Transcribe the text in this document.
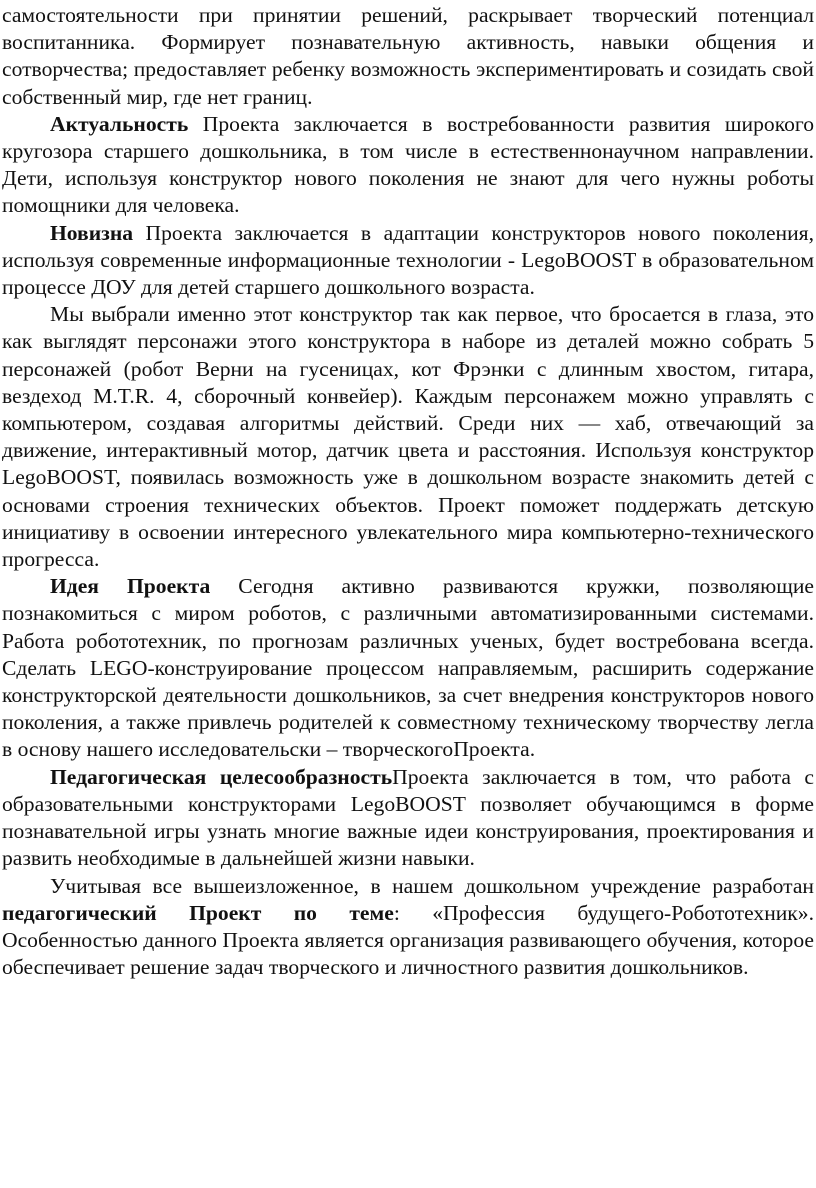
самостоятельности при принятии решений, раскрывает творческий потенциал воспитанника. Формирует познавательную активность, навыки общения и сотворчества; предоставляет ребенку возможность экспериментировать и созидать свой собственный мир, где нет границ.

Актуальность Проекта заключается в востребованности развития широкого кругозора старшего дошкольника, в том числе в естественнонаучном направлении. Дети, используя конструктор нового поколения не знают для чего нужны роботы помощники для человека.

Новизна Проекта заключается в адаптации конструкторов нового поколения, используя современные информационные технологии - LegoBOOST в образовательном процессе ДОУ для детей старшего дошкольного возраста.

Мы выбрали именно этот конструктор так как первое, что бросается в глаза, это как выглядят персонажи этого конструктора в наборе из деталей можно собрать 5 персонажей (робот Верни на гусеницах, кот Фрэнки с длинным хвостом, гитара, вездеход M.T.R. 4, сборочный конвейер). Каждым персонажем можно управлять с компьютером, создавая алгоритмы действий. Среди них — хаб, отвечающий за движение, интерактивный мотор, датчик цвета и расстояния. Используя конструктор LegoBOOST, появилась возможность уже в дошкольном возрасте знакомить детей с основами строения технических объектов. Проект поможет поддержать детскую инициативу в освоении интересного увлекательного мира компьютерно-технического прогресса.

Идея Проекта Сегодня активно развиваются кружки, позволяющие познакомиться с миром роботов, с различными автоматизированными системами. Работа робототехник, по прогнозам различных ученых, будет востребована всегда. Сделать LEGO-конструирование процессом направляемым, расширить содержание конструкторской деятельности дошкольников, за счет внедрения конструкторов нового поколения, а также привлечь родителей к совместному техническому творчеству легла в основу нашего исследовательски – творческогоПроекта.

Педагогическая целесообразностьПроекта заключается в том, что работа с образовательными конструкторами LegoBOOST позволяет обучающимся в форме познавательной игры узнать многие важные идеи конструирования, проектирования и развить необходимые в дальнейшей жизни навыки.

Учитывая все вышеизложенное, в нашем дошкольном учреждение разработан педагогический Проект по теме: «Профессия будущего-Робототехник». Особенностью данного Проекта является организация развивающего обучения, которое обеспечивает решение задач творческого и личностного развития дошкольников.
